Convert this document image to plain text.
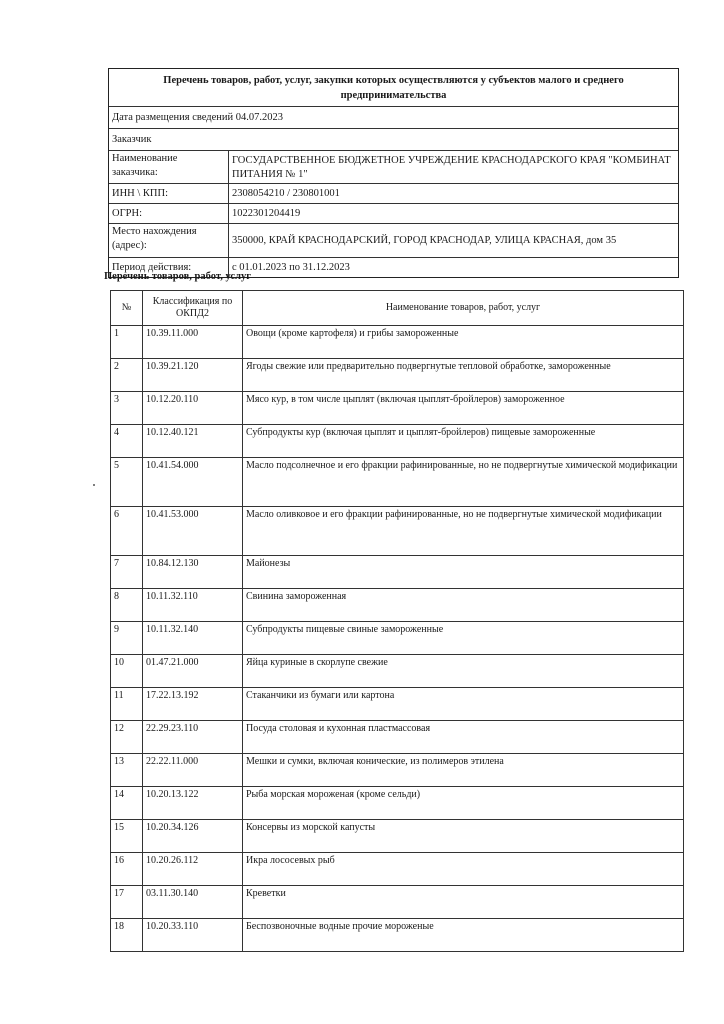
Перечень товаров, работ, услуг, закупки которых осуществляются у субъектов малого и среднего предпринимательства
Дата размещения сведений 04.07.2023
Заказчик
Наименование заказчика:
ГОСУДАРСТВЕННОЕ БЮДЖЕТНОЕ УЧРЕЖДЕНИЕ КРАСНОДАРСКОГО КРАЯ "КОМБИНАТ ПИТАНИЯ № 1"
ИНН \ КПП:	2308054210 / 230801001
ОГРН:	1022301204419
Место нахождения (адрес):	350000, КРАЙ КРАСНОДАРСКИЙ, ГОРОД КРАСНОДАР, УЛИЦА КРАСНАЯ, дом 35
Период действия:	с 01.01.2023 по 31.12.2023
Перечень товаров, работ, услуг
№	Классификация по ОКПД2	Наименование товаров, работ, услуг
1	10.39.11.000	Овощи (кроме картофеля) и грибы замороженные
2	10.39.21.120	Ягоды свежие или предварительно подвергнутые тепловой обработке, замороженные
3	10.12.20.110	Мясо кур, в том числе цыплят (включая цыплят-бройлеров) замороженное
4	10.12.40.121	Субпродукты кур (включая цыплят и цыплят-бройлеров) пищевые замороженные
5	10.41.54.000	Масло подсолнечное и его фракции рафинированные, но не подвергнутые химической модификации
6	10.41.53.000	Масло оливковое и его фракции рафинированные, но не подвергнутые химической модификации
7	10.84.12.130	Майонезы
8	10.11.32.110	Свинина замороженная
9	10.11.32.140	Субпродукты пищевые свиные замороженные
10	01.47.21.000	Яйца куриные в скорлупе свежие
11	17.22.13.192	Стаканчики из бумаги или картона
12	22.29.23.110	Посуда столовая и кухонная пластмассовая
13	22.22.11.000	Мешки и сумки, включая конические, из полимеров этилена
14	10.20.13.122	Рыба морская мороженая (кроме сельди)
15	10.20.34.126	Консервы из морской капусты
16	10.20.26.112	Икра лососевых рыб
17	03.11.30.140	Креветки
18	10.20.33.110	Беспозвоночные водные прочие мороженые
